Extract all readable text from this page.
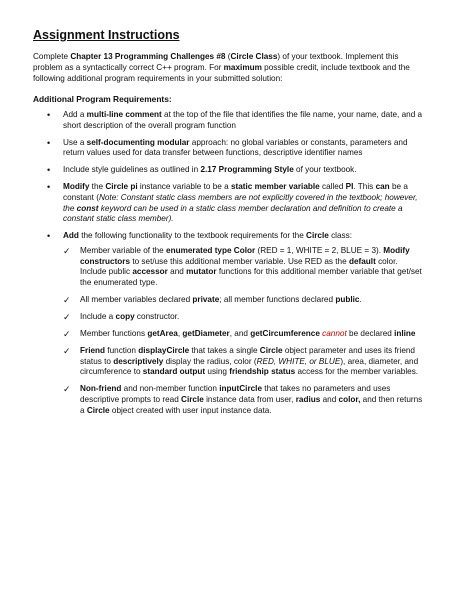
Assignment Instructions

Complete Chapter 13 Programming Challenges #8 (Circle Class) of your textbook. Implement this problem as a syntactically correct C++ program. For maximum possible credit, include textbook and the following additional program requirements in your submitted solution:

Additional Program Requirements:
• Add a multi-line comment at the top of the file that identifies the file name, your name, date, and a short description of the overall program function
• Use a self-documenting modular approach: no global variables or constants, parameters and return values used for data transfer between functions, descriptive identifier names
• Include style guidelines as outlined in 2.17 Programming Style of your textbook.
• Modify the Circle pi instance variable to be a static member variable called PI. This can be a constant (Note: Constant static class members are not explicitly covered in the textbook; however, the const keyword can be used in a static class member declaration and definition to create a constant static class member).
• Add the following functionality to the textbook requirements for the Circle class:
✓ Member variable of the enumerated type Color (RED = 1, WHITE = 2, BLUE = 3). Modify constructors to set/use this additional member variable. Use RED as the default color. Include public accessor and mutator functions for this additional member variable that get/set the enumerated type.
✓ All member variables declared private; all member functions declared public.
✓ Include a copy constructor.
✓ Member functions getArea, getDiameter, and getCircumference cannot be declared inline
✓ Friend function displayCircle that takes a single Circle object parameter and uses its friend status to descriptively display the radius, color (RED, WHITE, or BLUE), area, diameter, and circumference to standard output using friendship status access for the member variables.
✓ Non-friend and non-member function inputCircle that takes no parameters and uses descriptive prompts to read Circle instance data from user, radius and color, and then returns a Circle object created with user input instance data.
